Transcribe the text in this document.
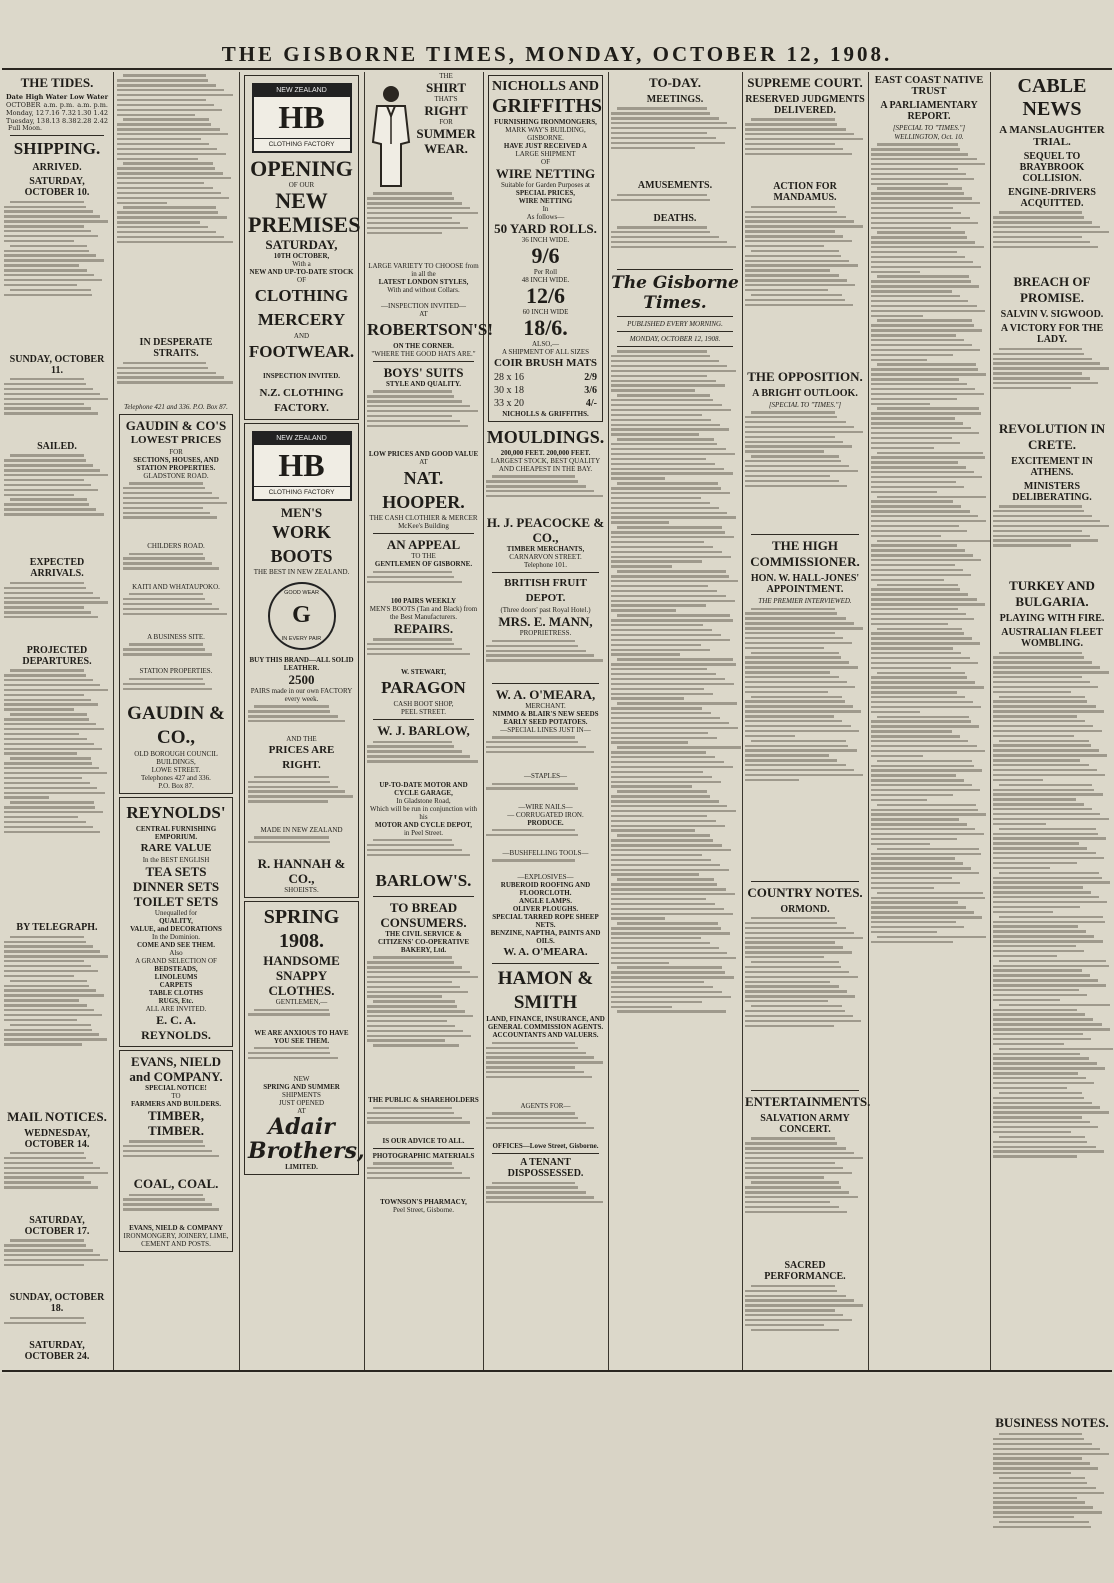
THE GISBORNE TIMES, MONDAY, OCTOBER 12, 1908.
THE TIDES.
Date High Water Low Water
OCTOBER a.m. p.m. a.m. p.m.
Monday, 12 7.16 7.32 1.30 1.42
Tuesday, 13 8.13 8.38 2.28 2.42
Full Moon.
SHIPPING.
ARRIVED.
SATURDAY, OCTOBER 10.
SUNDAY, OCTOBER 11.
SAILED.
EXPECTED ARRIVALS.
PROJECTED DEPARTURES.
BY TELEGRAPH.
MAIL NOTICES.
WEDNESDAY, OCTOBER 14.
SATURDAY, OCTOBER 17.
SUNDAY, OCTOBER 18.
SATURDAY, OCTOBER 24.
IN DESPERATE STRAITS.
Telephone 421 and 336. P.O. Box 87.
GAUDIN & CO'S
LOWEST PRICES
FOR
SECTIONS, HOUSES, AND
STATION PROPERTIES.
GLADSTONE ROAD.
CHILDERS ROAD.
KAITI AND WHATAUPOKO.
A BUSINESS SITE.
STATION PROPERTIES.
GAUDIN & CO.,
OLD BOROUGH COUNCIL
BUILDINGS,
LOWE STREET.
Telephones 427 and 336.
P.O. Box 87.
REYNOLDS'
CENTRAL FURNISHING EMPORIUM.
RARE VALUE
In the BEST ENGLISH
TEA SETS
DINNER SETS
TOILET SETS
Unequalled for
QUALITY,
VALUE, and DECORATIONS
In the Dominion.
COME AND SEE THEM.
Also
A GRAND SELECTION OF
BEDSTEADS,
LINOLEUMS
CARPETS
TABLE CLOTHS
RUGS, Etc.
ALL ARE INVITED.
E. C. A. REYNOLDS.
EVANS, NIELD and COMPANY.
SPECIAL NOTICE!
TO
FARMERS AND BUILDERS.
TIMBER, TIMBER.
COAL, COAL.
EVANS, NIELD & COMPANY
IRONMONGERY, JOINERY, LIME, CEMENT AND POSTS.
NEW ZEALAND
HB
CLOTHING FACTORY
OPENING
OF OUR
NEW
PREMISES
SATURDAY,
10TH OCTOBER,
With a
NEW AND UP-TO-DATE STOCK
OF
CLOTHING
MERCERY
AND
FOOTWEAR.
INSPECTION INVITED.
N.Z. CLOTHING FACTORY.
NEW ZEALAND
HB
CLOTHING FACTORY
MEN'S
WORK BOOTS
THE BEST IN NEW ZEALAND.
GOOD WEAR
G
IN EVERY PAIR
BUY THIS BRAND—ALL SOLID LEATHER.
2500
PAIRS made in our own FACTORY every week.
AND THE
PRICES ARE RIGHT.
MADE IN NEW ZEALAND
R. HANNAH & CO.,
SHOEISTS.
SPRING 1908.
HANDSOME
SNAPPY
CLOTHES.
GENTLEMEN,—
WE ARE ANXIOUS TO HAVE YOU SEE THEM.
NEW
SPRING AND SUMMER
SHIPMENTS
JUST OPENED
AT
Adair
Brothers,
LIMITED.
THE
SHIRT
THAT'S
RIGHT
FOR
SUMMER
WEAR.
LARGE VARIETY TO CHOOSE from in all the
LATEST LONDON STYLES,
With and without Collars.
—INSPECTION INVITED—
AT
ROBERTSON'S!
ON THE CORNER.
"WHERE THE GOOD HATS ARE."
BOYS' SUITS
STYLE AND QUALITY.
LOW PRICES AND GOOD VALUE
AT
NAT. HOOPER.
THE CASH CLOTHIER & MERCER
McKee's Building
AN APPEAL
TO THE
GENTLEMEN OF GISBORNE.
100 PAIRS WEEKLY
MEN'S BOOTS (Tan and Black) from the Best Manufacturers.
REPAIRS.
W. STEWART,
PARAGON
CASH BOOT SHOP,
PEEL STREET.
W. J. BARLOW,
UP-TO-DATE MOTOR AND CYCLE GARAGE,
In Gladstone Road,
Which will be run in conjunction with his
MOTOR AND CYCLE DEPOT,
in Peel Street.
BARLOW'S.
TO BREAD CONSUMERS.
THE CIVIL SERVICE & CITIZENS' CO-OPERATIVE BAKERY, Ltd.
THE PUBLIC & SHAREHOLDERS
IS OUR ADVICE TO ALL.
PHOTOGRAPHIC MATERIALS
TOWNSON'S PHARMACY,
Peel Street, Gisborne.
NICHOLLS AND
GRIFFITHS
FURNISHING IRONMONGERS,
MARK WAY'S BUILDING,
GISBORNE.
HAVE JUST RECEIVED A
LARGE SHIPMENT
OF
WIRE NETTING
Suitable for Garden Purposes at
SPECIAL PRICES,
WIRE NETTING
In
As follows—
50 YARD ROLLS.
36 INCH WIDE.
9/6
Per Roll
48 INCH WIDE.
12/6
60 INCH WIDE
18/6.
ALSO,—
A SHIPMENT OF ALL SIZES
COIR BRUSH MATS
28 x 16	2/9
30 x 18	3/6
33 x 20	4/-
NICHOLLS & GRIFFITHS.
MOULDINGS.
200,000 FEET. 200,000 FEET.
LARGEST STOCK, BEST QUALITY AND CHEAPEST IN THE BAY.
H. J. PEACOCKE & CO.,
TIMBER MERCHANTS,
CARNARVON STREET.
Telephone 101.
BRITISH FRUIT DEPOT.
(Three doors' past Royal Hotel.)
MRS. E. MANN,
PROPRIETRESS.
W. A. O'MEARA,
MERCHANT.
NIMMO & BLAIR'S NEW SEEDS
EARLY SEED POTATOES.
—SPECIAL LINES JUST IN—
—STAPLES—
—WIRE NAILS—
— CORRUGATED IRON.
PRODUCE.
—BUSHFELLING TOOLS—
—EXPLOSIVES—
RUBEROID ROOFING AND FLOORCLOTH.
ANGLE LAMPS.
OLIVER PLOUGHS.
SPECIAL TARRED ROPE SHEEP NETS.
BENZINE, NAPTHA, PAINTS AND OILS.
W. A. O'MEARA.
HAMON & SMITH
LAND, FINANCE, INSURANCE, AND GENERAL COMMISSION AGENTS.
ACCOUNTANTS AND VALUERS.
AGENTS FOR—
OFFICES—Lowe Street, Gisborne.
A TENANT DISPOSSESSED.
TO-DAY.
MEETINGS.
AMUSEMENTS.
DEATHS.
The Gisborne Times.
PUBLISHED EVERY MORNING.
MONDAY, OCTOBER 12, 1908.
SUPREME COURT.
RESERVED JUDGMENTS DELIVERED.
ACTION FOR MANDAMUS.
THE OPPOSITION.
A BRIGHT OUTLOOK.
[SPECIAL TO "TIMES."]
THE HIGH COMMISSIONER.
HON. W. HALL-JONES' APPOINTMENT.
THE PREMIER INTERVIEWED.
COUNTRY NOTES.
ORMOND.
ENTERTAINMENTS.
SALVATION ARMY CONCERT.
SACRED PERFORMANCE.
EAST COAST NATIVE TRUST
A PARLIAMENTARY REPORT.
[SPECIAL TO "TIMES."]
WELLINGTON, Oct. 10.
CABLE NEWS
A MANSLAUGHTER TRIAL.
SEQUEL TO BRAYBROOK COLLISION.
ENGINE-DRIVERS ACQUITTED.
BREACH OF PROMISE.
SALVIN V. SIGWOOD.
A VICTORY FOR THE LADY.
REVOLUTION IN CRETE.
EXCITEMENT IN ATHENS.
MINISTERS DELIBERATING.
TURKEY AND BULGARIA.
PLAYING WITH FIRE.
AUSTRALIAN FLEET WOMBLING.
BUSINESS NOTES.
